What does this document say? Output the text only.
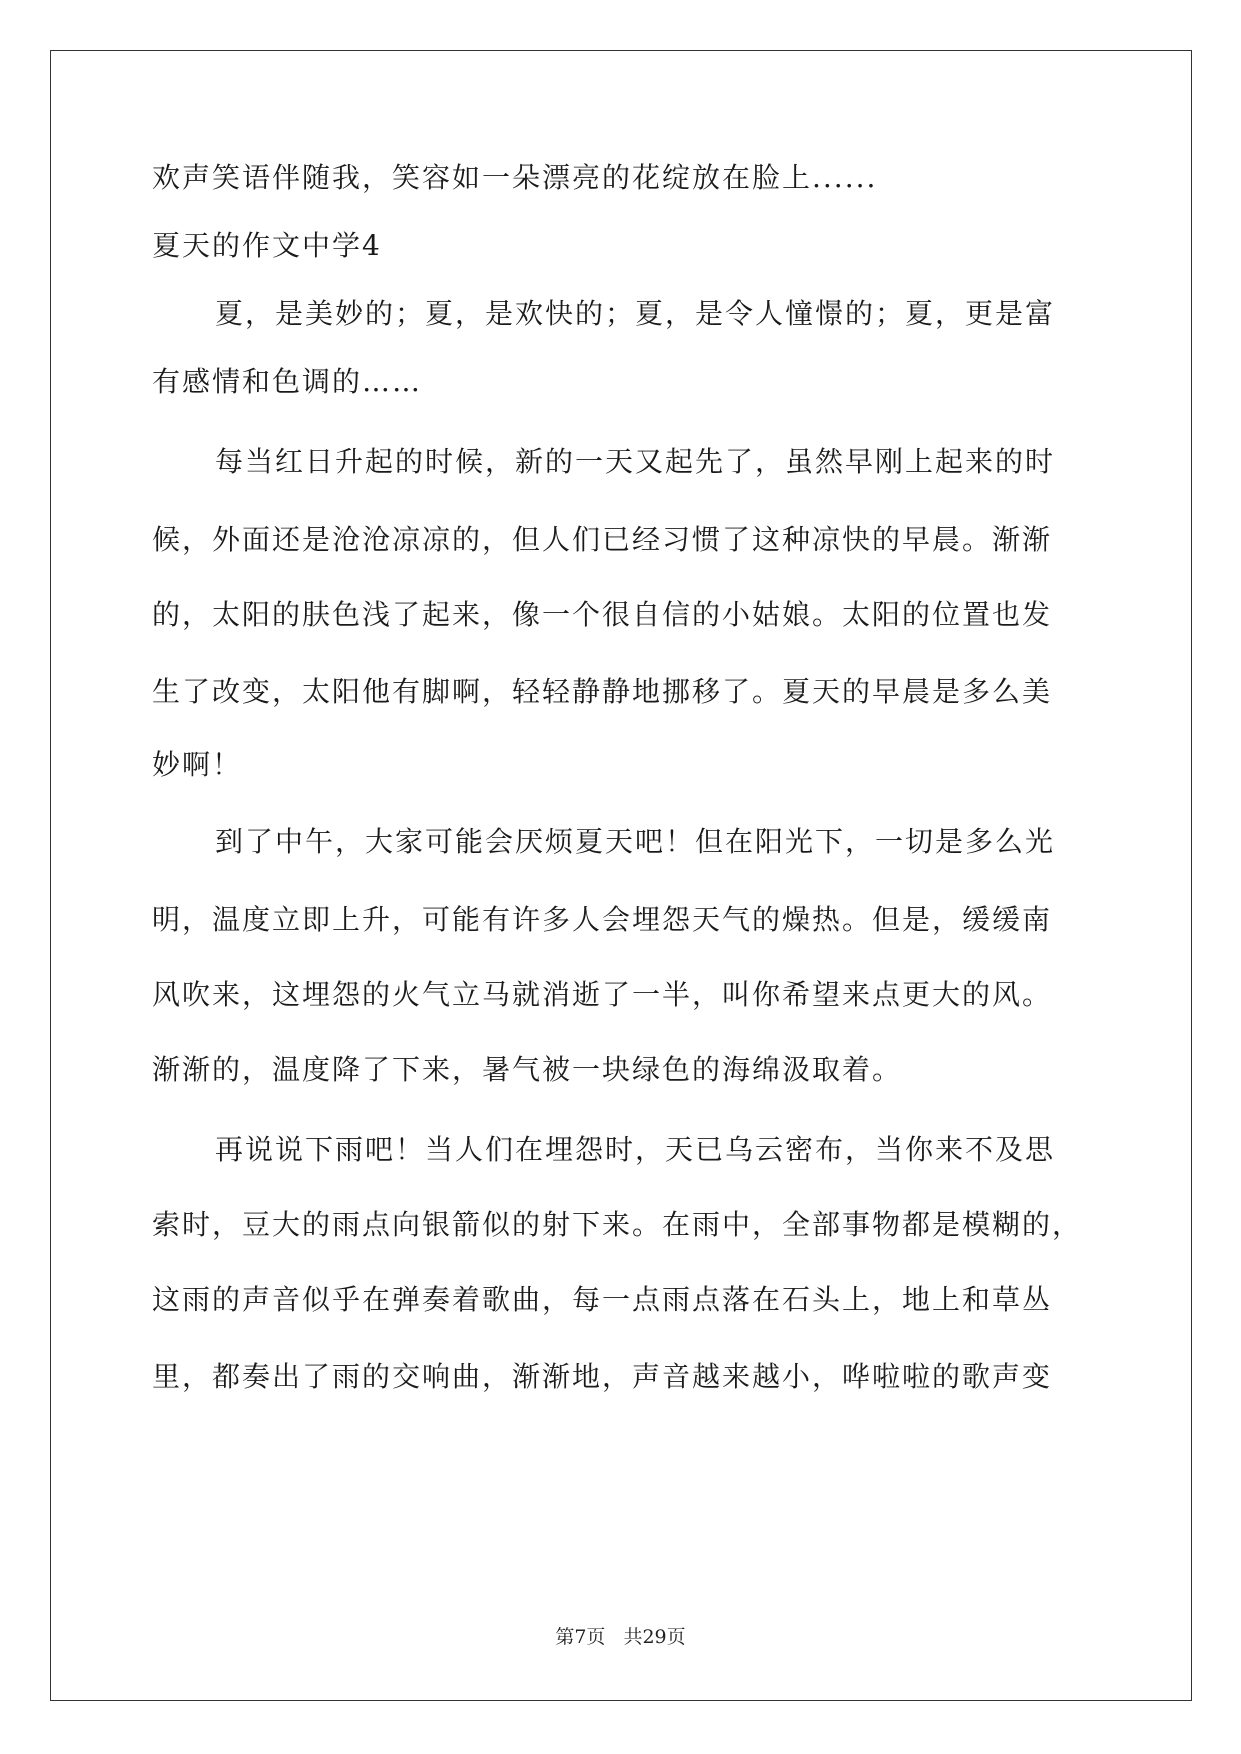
欢声笑语伴随我，笑容如一朵漂亮的花绽放在脸上......
夏天的作文中学4
夏，是美妙的；夏，是欢快的；夏，是令人憧憬的；夏，更是富
有感情和色调的……
每当红日升起的时候，新的一天又起先了，虽然早刚上起来的时
候，外面还是沧沧凉凉的，但人们已经习惯了这种凉快的早晨。渐渐
的，太阳的肤色浅了起来，像一个很自信的小姑娘。太阳的位置也发
生了改变，太阳他有脚啊，轻轻静静地挪移了。夏天的早晨是多么美
妙啊！
到了中午，大家可能会厌烦夏天吧！但在阳光下，一切是多么光
明，温度立即上升，可能有许多人会埋怨天气的燥热。但是，缓缓南
风吹来，这埋怨的火气立马就消逝了一半，叫你希望来点更大的风。
渐渐的，温度降了下来，暑气被一块绿色的海绵汲取着。
再说说下雨吧！当人们在埋怨时，天已乌云密布，当你来不及思
索时，豆大的雨点向银箭似的射下来。在雨中，全部事物都是模糊的，
这雨的声音似乎在弹奏着歌曲，每一点雨点落在石头上，地上和草丛
里，都奏出了雨的交响曲，渐渐地，声音越来越小，哗啦啦的歌声变
第7页 共29页
